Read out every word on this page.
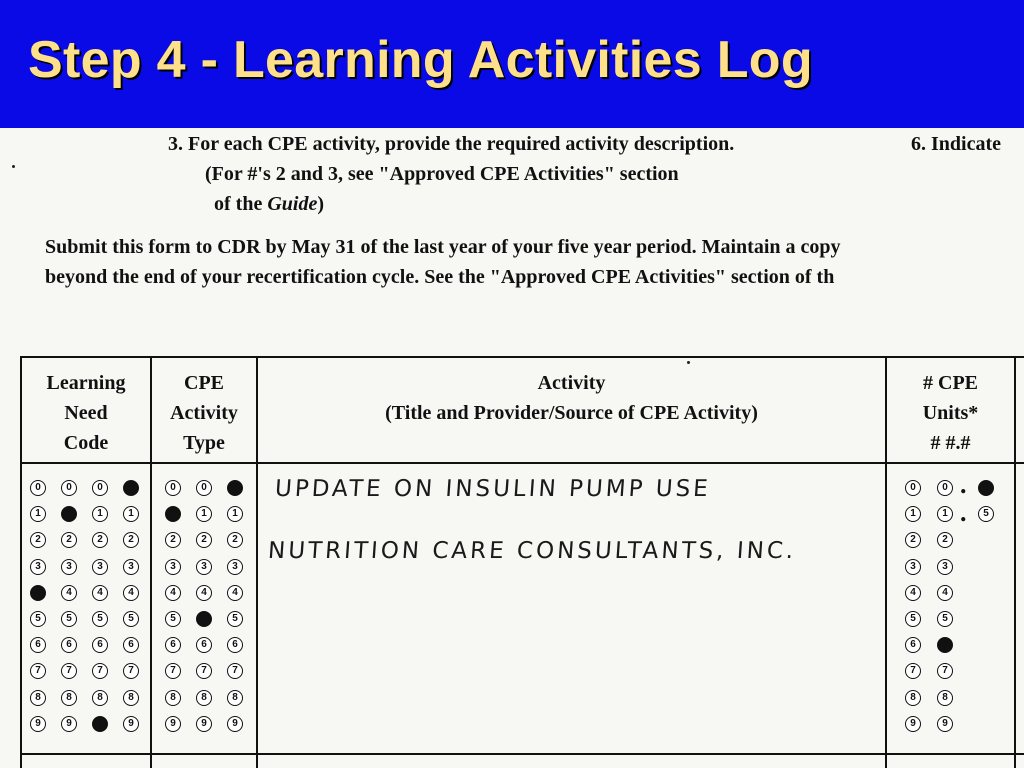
Step 4 - Learning Activities Log
3. For each CPE activity, provide the required activity description.	6. Indicate
(For #'s 2 and 3, see "Approved CPE Activities" section
of the Guide)
Submit this form to CDR by May 31 of the last year of your five year period. Maintain a copy
beyond the end of your recertification cycle. See the "Approved CPE Activities" section of th
Learning
Need
Code
CPE
Activity
Type
Activity
(Title and Provider/Source of CPE Activity)
# CPE
Units*
# #.#
UPDATE ON INSULIN PUMP USE
NUTRITION CARE CONSULTANTS, INC.
0
1
2
3
4
5
6
7
8
9
0
1
2
3
4
5
6
7
8
9
0
1
2
3
4
5
6
7
8
9
0
1
2
3
4
5
6
7
8
9
0
1
2
3
4
5
6
7
8
9
0
1
2
3
4
5
6
7
8
9
0
1
2
3
4
5
6
7
8
9
0
1
2
3
4
5
6
7
8
9
0
1
2
3
4
5
6
7
8
9
0
5
.
.
